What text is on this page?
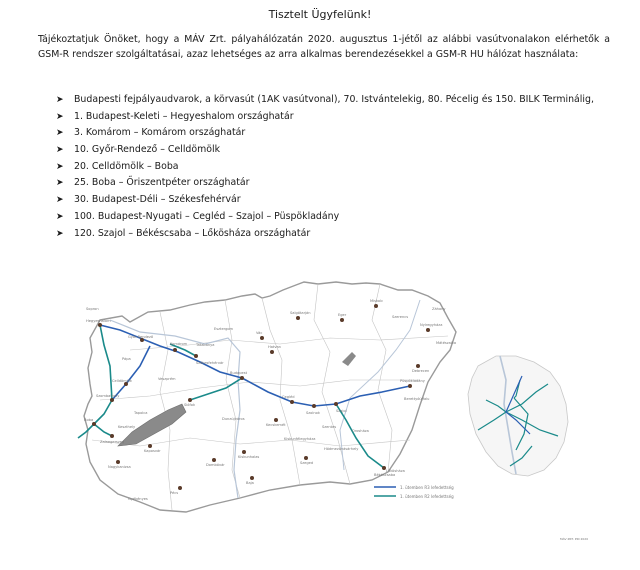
Tisztelt Ügyfelünk!
Tájékoztatjuk Önöket, hogy a MÁV Zrt. pályahálózatán 2020. augusztus 1-jétől az alábbi vasútvonalakon elérhetők a GSM-R rendszer szolgáltatásai, azaz lehetséges az arra alkalmas berendezésekkel a GSM-R HU hálózat használata:
➤ Budapesti fejpályaudvarok, a körvasút (1AK vasútvonal), 70. Istvántelekig, 80. Pécelig és 150. BILK Terminálig,
➤ 1. Budapest-Keleti – Hegyeshalom országhatár
➤ 3. Komárom – Komárom országhatár
➤ 10. Győr-Rendező – Celldömölk
➤ 20. Celldömölk – Boba
➤ 25. Boba – Őriszentpéter országhatár
➤ 30. Budapest-Déli – Székesfehérvár
➤ 100. Budapest-Nyugati – Cegléd – Szajol – Püspökladány
➤ 120. Szajol – Békéscsaba – Lőkösháza országhatár
Komárom
Győr-Rendező
Szombathely
Celldömölk
Boba
Zalaegerszeg
Székesfehérvár
Budapest
Cegléd
Szolnok	Szajol
Püspökladány
Békéscsaba
Lőkösháza
Salgótarján
Miskolc
Nyíregyháza
Debrecen
Kecskemét
Szeged
Pécs
Kaposvár
Hegyeshalom
Eger
Hatvan
Siófok
Nagykanizsa
Vác
Kiskunhalas
Baja
Dombóvár
Sopron
Pápa
Tapolca
Veszprém
Dunaújváros
Szerencs
Záhony
Mátészalka
Berettyóújfalu
Hódmezővásárhely
Orosháza
Szentes
Kiskunfélegyháza
Tatabánya
Esztergom
Gyékényes
Keszthely
1. ütemben R3 lefedettség
1. ütemben R2 lefedettség
MÁV ZRT. PRI 2020
